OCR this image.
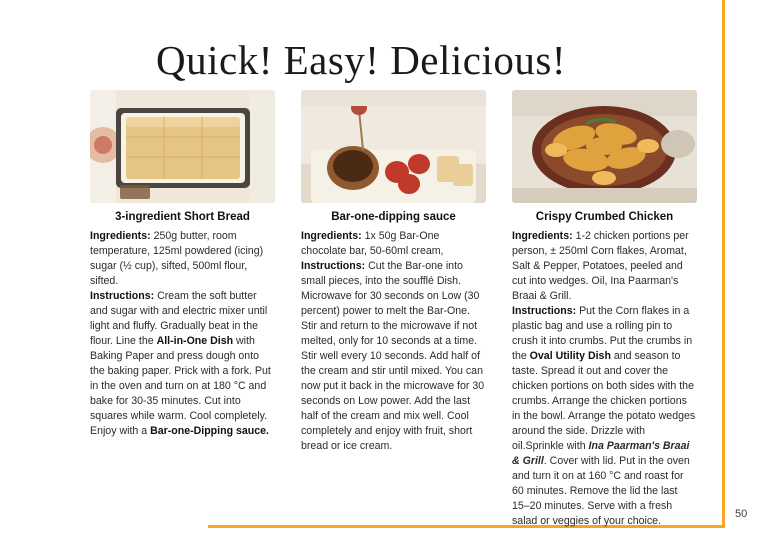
Quick! Easy! Delicious!
3-ingredient Short Bread
Ingredients: 250g butter, room temperature, 125ml powdered (icing) sugar (½ cup), sifted, 500ml flour, sifted.
Instructions: Cream the soft butter and sugar with and electric mixer until light and fluffy. Gradually beat in the flour. Line the All-in-One Dish with Baking Paper and press dough onto the baking paper. Prick with a fork. Put in the oven and turn on at 180 °C and bake for 30-35 minutes. Cut into squares while warm. Cool completely.
Enjoy with a Bar-one-Dipping sauce.
Bar-one-dipping sauce
Ingredients: 1x 50g Bar-One chocolate bar, 50-60ml cream,
Instructions: Cut the Bar-one into small pieces, into the soufflé Dish. Microwave for 30 seconds on Low (30 percent) power to melt the Bar-One. Stir and return to the microwave if not melted, only for 10 seconds at a time. Stir well every 10 seconds. Add half of the cream and stir until mixed. You can now put it back in the microwave for 30 seconds on Low power. Add the last half of the cream and mix well. Cool completely and enjoy with fruit, short bread or ice cream.
Crispy Crumbed Chicken
Ingredients: 1-2 chicken portions per person, ± 250ml Corn flakes, Aromat, Salt & Pepper, Potatoes, peeled and cut into wedges. Oil, Ina Paarman's Braai & Grill.
Instructions: Put the Corn flakes in a plastic bag and use a rolling pin to crush it into crumbs. Put the crumbs in the Oval Utility Dish and season to taste. Spread it out and cover the chicken portions on both sides with the crumbs. Arrange the chicken portions in the bowl. Arrange the potato wedges around the side. Drizzle with oil.Sprinkle with Ina Paarman's Braai & Grill. Cover with lid. Put in the oven and turn it on at 160 °C and roast for 60 minutes. Remove the lid the last 15–20 minutes. Serve with a fresh salad or veggies of your choice.
50
